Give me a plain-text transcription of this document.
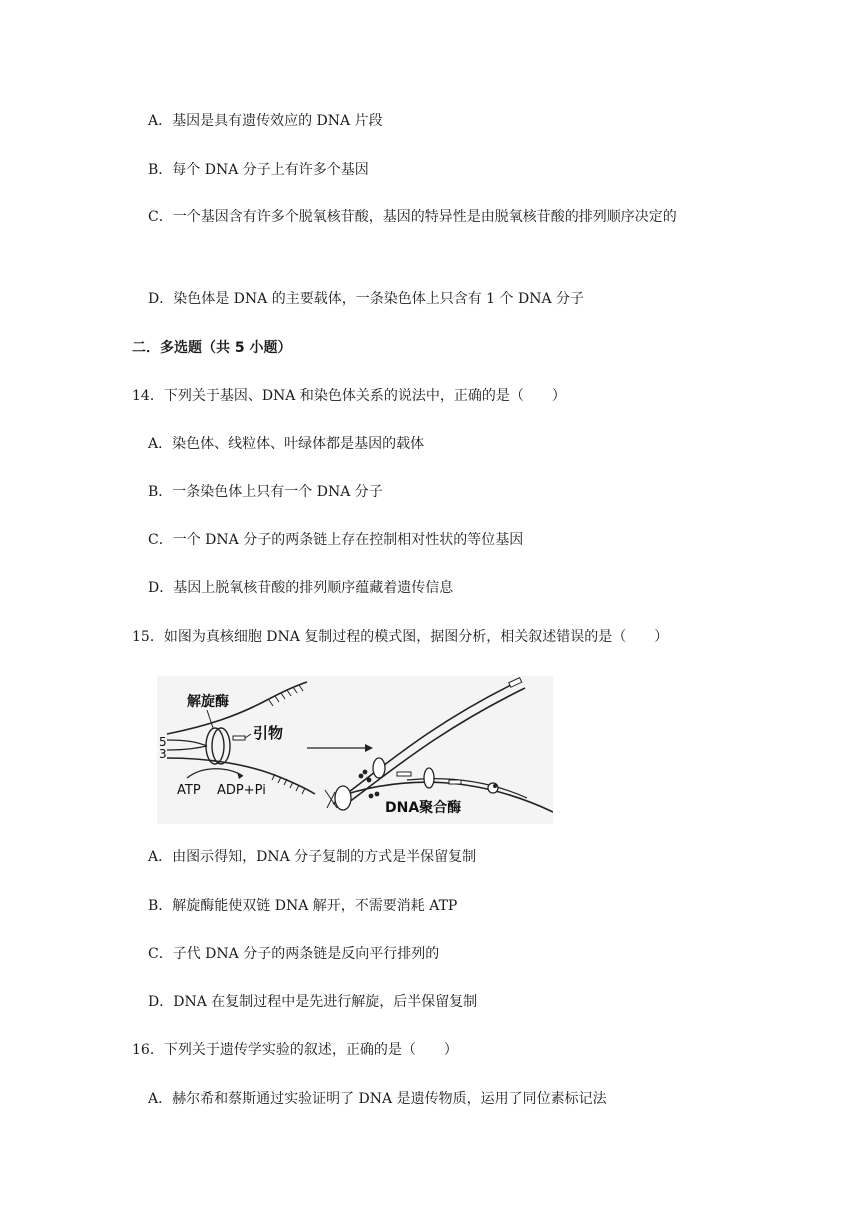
A．基因是具有遗传效应的 DNA 片段
B．每个 DNA 分子上有许多个基因
C．一个基因含有许多个脱氧核苷酸，基因的特异性是由脱氧核苷酸的排列顺序决定的
D．染色体是 DNA 的主要载体，一条染色体上只含有 1 个 DNA 分子
二．多选题（共 5 小题）
14．下列关于基因、DNA 和染色体关系的说法中，正确的是（　　）
A．染色体、线粒体、叶绿体都是基因的载体
B．一条染色体上只有一个 DNA 分子
C．一个 DNA 分子的两条链上存在控制相对性状的等位基因
D．基因上脱氧核苷酸的排列顺序蕴藏着遗传信息
15．如图为真核细胞 DNA 复制过程的模式图，据图分析，相关叙述错误的是（　　）
解旋酶
引物
5
3
ATP ADP+Pi
DNA聚合酶
A．由图示得知，DNA 分子复制的方式是半保留复制
B．解旋酶能使双链 DNA 解开，不需要消耗 ATP
C．子代 DNA 分子的两条链是反向平行排列的
D．DNA 在复制过程中是先进行解旋，后半保留复制
16．下列关于遗传学实验的叙述，正确的是（　　）
A．赫尔希和蔡斯通过实验证明了 DNA 是遗传物质，运用了同位素标记法
